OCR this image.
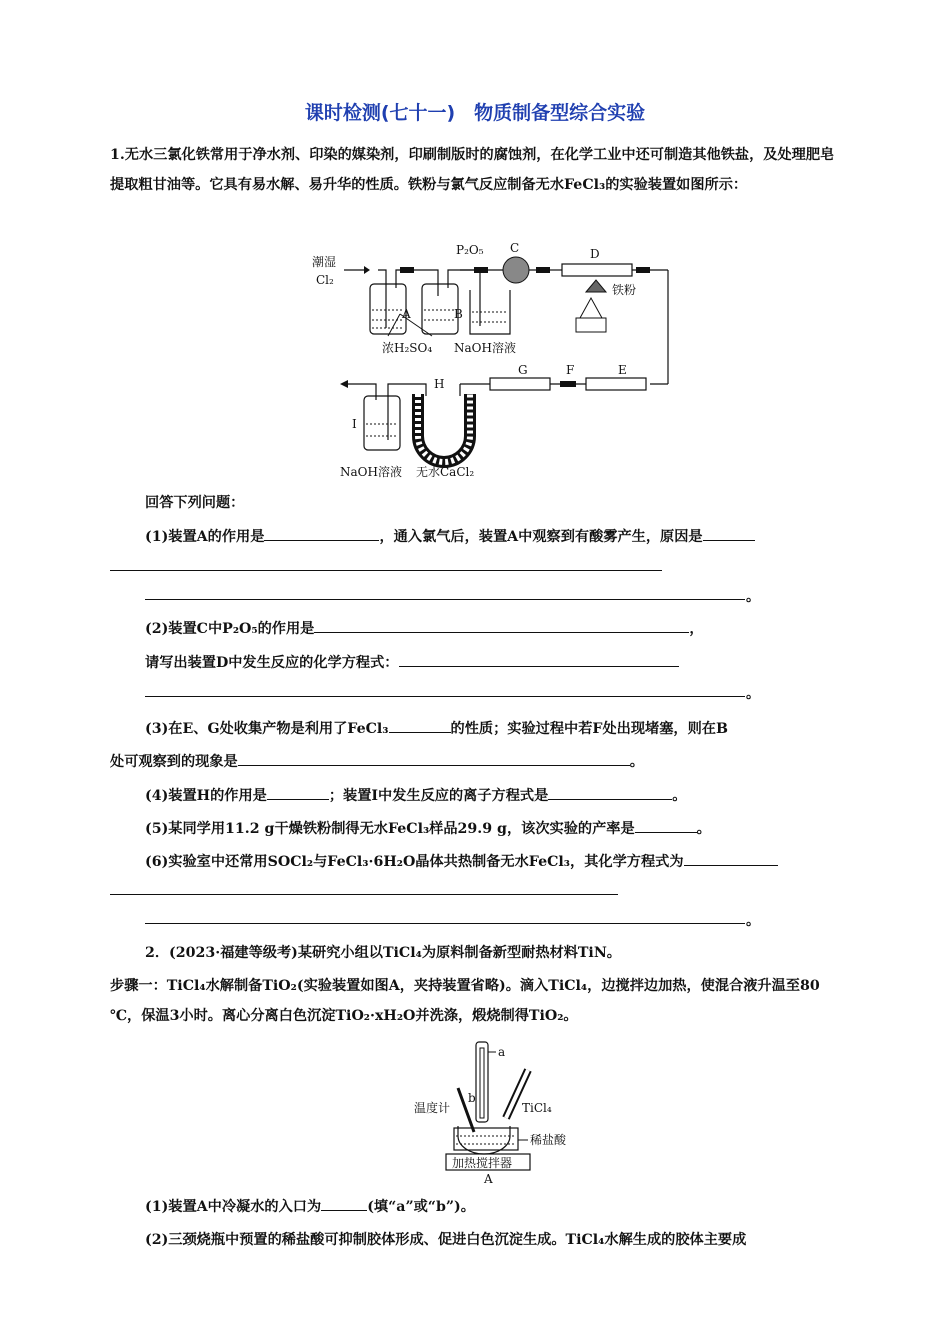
课时检测(七十一)　物质制备型综合实验
1.无水三氯化铁常用于净水剂、印染的媒染剂，印刷制版时的腐蚀剂，在化学工业中还可制造其他铁盐，及处理肥皂提取粗甘油等。它具有易水解、易升华的性质。铁粉与氯气反应制备无水FeCl₃的实验装置如图所示：
潮湿
Cl₂
A	B
浓H₂SO₄ NaOH溶液
P₂O₅ C	D
铁粉
E
F
G
H
I
NaOH溶液 无水CaCl₂
回答下列问题：
(1)装置A的作用是	，通入氯气后，装置A中观察到有酸雾产生，原因是
。
(2)装置C中P₂O₅的作用是	，
请写出装置D中发生反应的化学方程式：
。
(3)在E、G处收集产物是利用了FeCl₃	的性质；实验过程中若F处出现堵塞，则在B
处可观察到的现象是	。
(4)装置H的作用是	；装置I中发生反应的离子方程式是	。
(5)某同学用11.2 g干燥铁粉制得无水FeCl₃样品29.9 g，该次实验的产率是	。
(6)实验室中还常用SOCl₂与FeCl₃·6H₂O晶体共热制备无水FeCl₃，其化学方程式为
。
2．(2023·福建等级考)某研究小组以TiCl₄为原料制备新型耐热材料TiN。
步骤一：TiCl₄水解制备TiO₂(实验装置如图A，夹持装置省略)。滴入TiCl₄，边搅拌边加热，使混合液升温至80 ℃，保温3小时。离心分离白色沉淀TiO₂·xH₂O并洗涤，煅烧制得TiO₂。
a
b
温度计	TiCl₄
稀盐酸
加热搅拌器
A
(1)装置A中冷凝水的入口为	(填“a”或“b”)。
(2)三颈烧瓶中预置的稀盐酸可抑制胶体形成、促进白色沉淀生成。TiCl₄水解生成的胶体主要成
